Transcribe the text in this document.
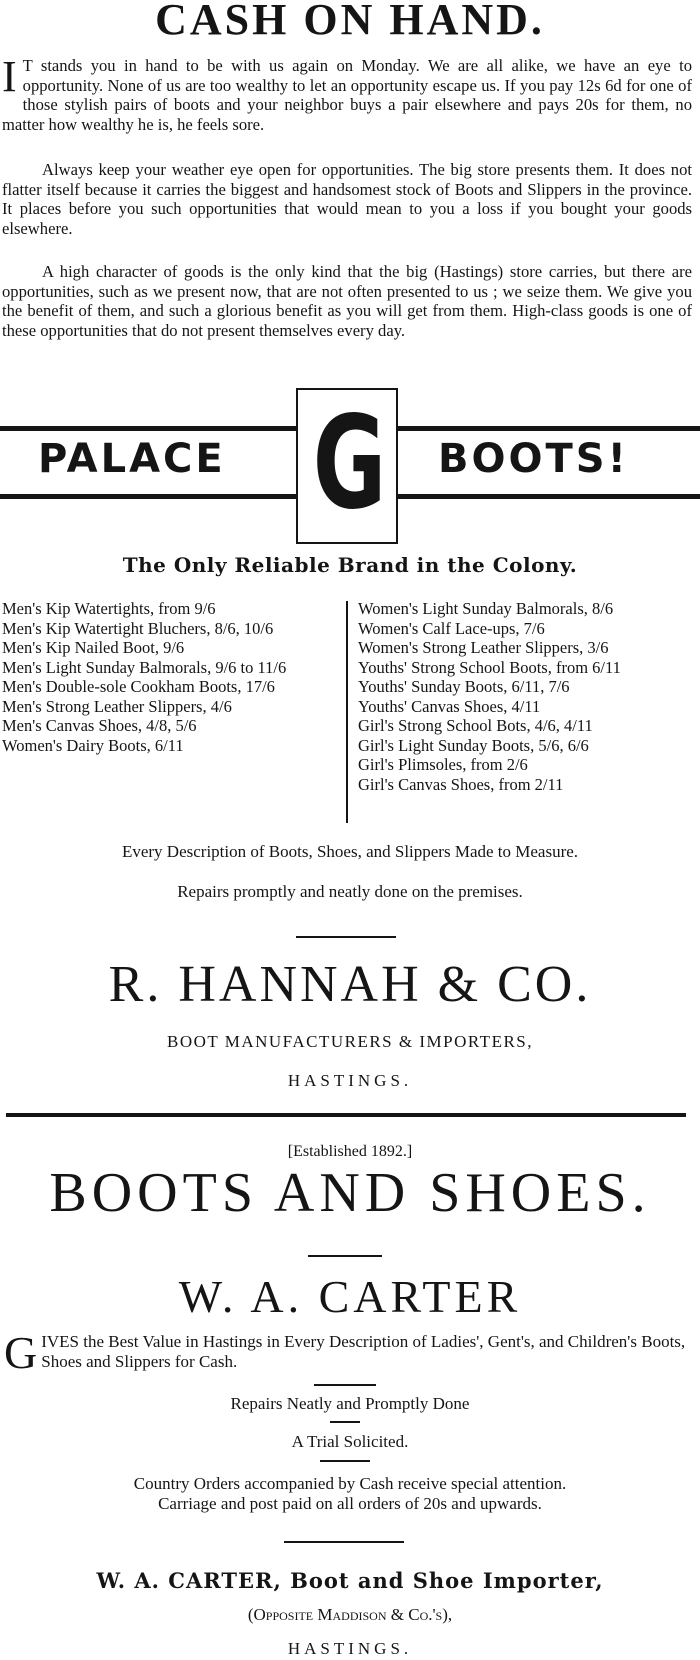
CASH ON HAND.
I T stands you in hand to be with us again on Monday. We are all alike, we have an eye to opportunity. None of us are too wealthy to let an opportunity escape us. If you pay 12s 6d for one of those stylish pairs of boots and your neighbor buys a pair elsewhere and pays 20s for them, no matter how wealthy he is, he feels sore.
Always keep your weather eye open for opportunities. The big store presents them. It does not flatter itself because it carries the biggest and handsomest stock of Boots and Slippers in the province. It places before you such opportunities that would mean to you a loss if you bought your goods elsewhere.
A high character of goods is the only kind that the big (Hastings) store carries, but there are opportunities, such as we present now, that are not often presented to us ; we seize them. We give you the benefit of them, and such a glorious benefit as you will get from them. High-class goods is one of these opportunities that do not present themselves every day.
PALACE	BOOTS!
G
The Only Reliable Brand in the Colony.
Men's Kip Watertights, from 9/6
Men's Kip Watertight Bluchers, 8/6, 10/6
Men's Kip Nailed Boot, 9/6
Men's Light Sunday Balmorals, 9/6 to 11/6
Men's Double-sole Cookham Boots, 17/6
Men's Strong Leather Slippers, 4/6
Men's Canvas Shoes, 4/8, 5/6
Women's Dairy Boots, 6/11
Women's Light Sunday Balmorals, 8/6
Women's Calf Lace-ups, 7/6
Women's Strong Leather Slippers, 3/6
Youths' Strong School Boots, from 6/11
Youths' Sunday Boots, 6/11, 7/6
Youths' Canvas Shoes, 4/11
Girl's Strong School Bots, 4/6, 4/11
Girl's Light Sunday Boots, 5/6, 6/6
Girl's Plimsoles, from 2/6
Girl's Canvas Shoes, from 2/11
Every Description of Boots, Shoes, and Slippers Made to Measure.
Repairs promptly and neatly done on the premises.
R. HANNAH & CO.
BOOT MANUFACTURERS & IMPORTERS,
HASTINGS.
[Established 1892.]
BOOTS AND SHOES.
W. A. CARTER
GIVES the Best Value in Hastings in Every Description of Ladies', Gent's, and Children's Boots, Shoes and Slippers for Cash.
Repairs Neatly and Promptly Done
A Trial Solicited.
Country Orders accompanied by Cash receive special attention.
Carriage and post paid on all orders of 20s and upwards.
W. A. CARTER, Boot and Shoe Importer,
(Opposite Maddison & Co.'s),
HASTINGS.
